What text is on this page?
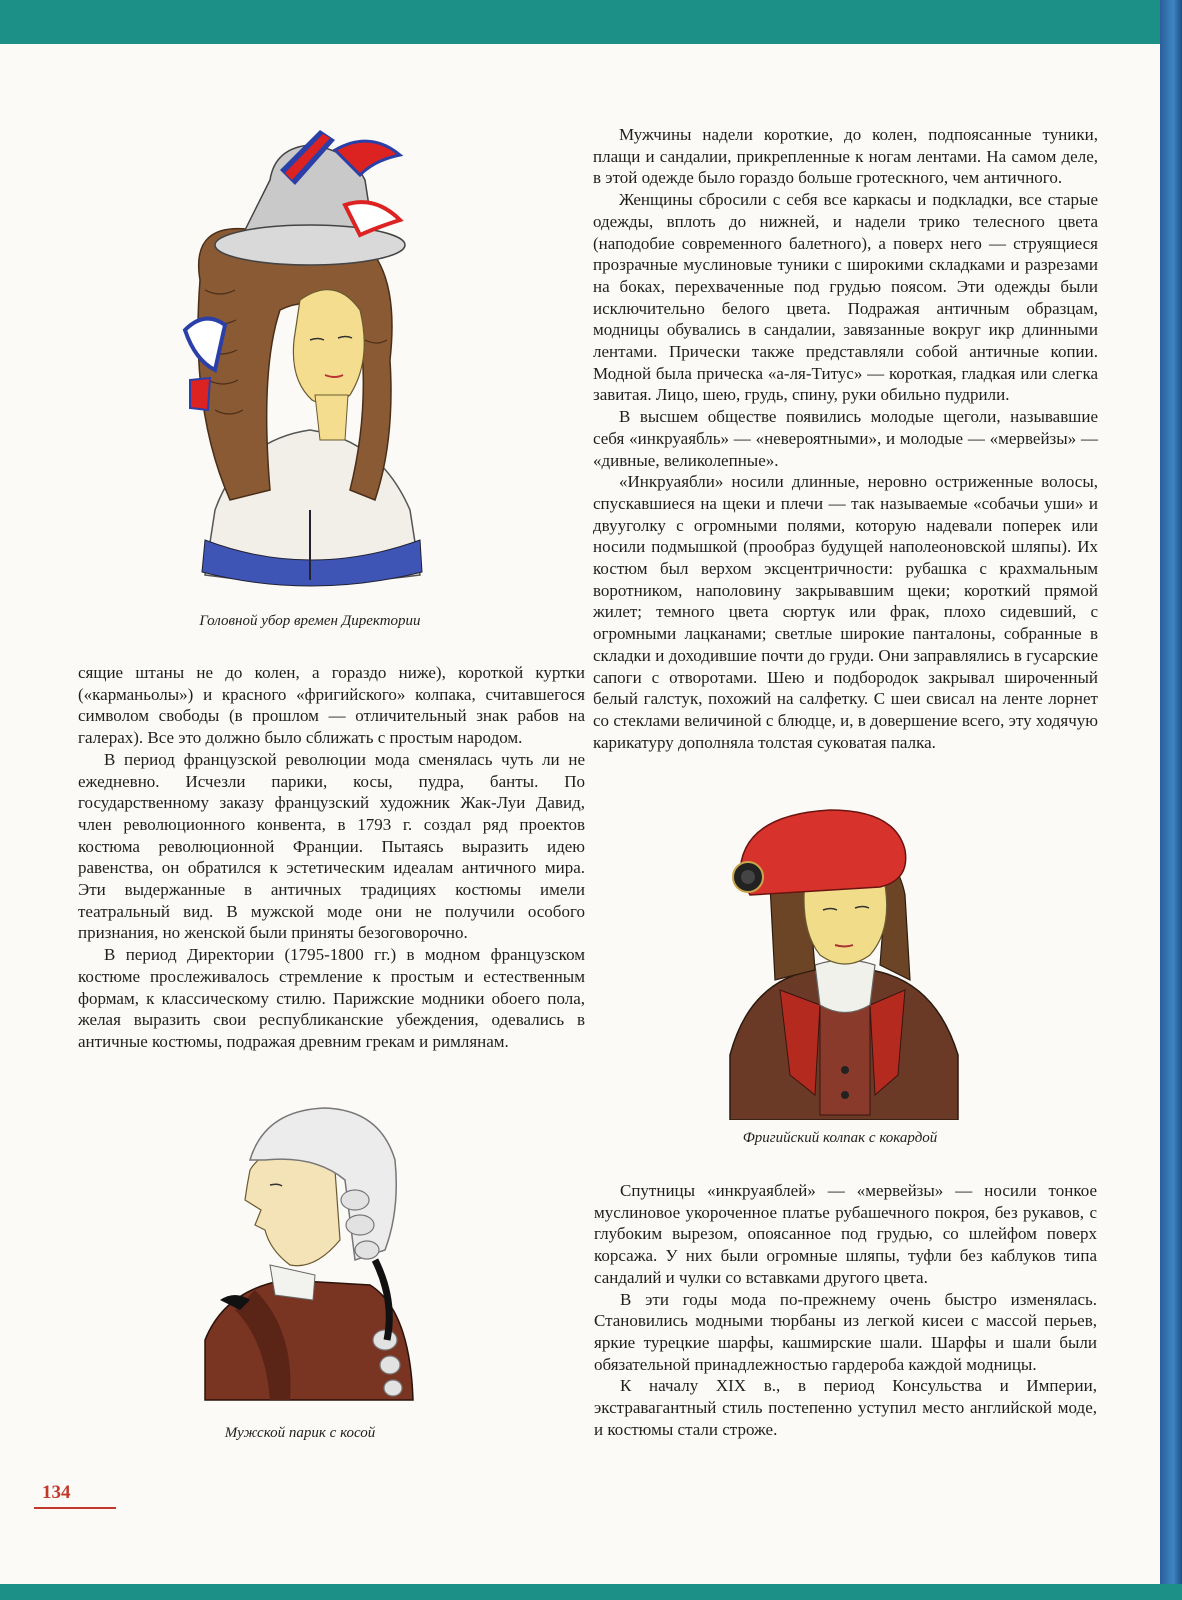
Головной убор времен Директории

Мужчины надели короткие, до колен, подпоясанные туники, плащи и сандалии, прикрепленные к ногам лентами. На самом деле, в этой одежде было гораздо больше гротескного, чем античного.

Женщины сбросили с себя все каркасы и подкладки, все старые одежды, вплоть до нижней, и надели трико телесного цвета (наподобие современного балетного), а поверх него — струящиеся прозрачные муслиновые туники с широкими складками и разрезами на боках, перехваченные под грудью поясом. Эти одежды были исключительно белого цвета. Подражая античным образцам, модницы обувались в сандалии, завязанные вокруг икр длинными лентами. Прически также представляли собой античные копии. Модной была прическа «а-ля-Титус» — короткая, гладкая или слегка завитая. Лицо, шею, грудь, спину, руки обильно пудрили.

В высшем обществе появились молодые щеголи, называвшие себя «инкруаябль» — «невероятными», и молодые — «мервейзы» — «дивные, великолепные».

«Инкруаябли» носили длинные, неровно остриженные волосы, спускавшиеся на щеки и плечи — так называемые «собачьи уши» и двууголку с огромными полями, которую надевали поперек или носили подмышкой (прообраз будущей наполеоновской шляпы). Их костюм был верхом эксцентричности: рубашка с крахмальным воротником, наполовину закрывавшим щеки; короткий прямой жилет; темного цвета сюртук или фрак, плохо сидевший, с огромными лацканами; светлые широкие панталоны, собранные в складки и доходившие почти до груди. Они заправлялись в гусарские сапоги с отворотами. Шею и подбородок закрывал широченный белый галстук, похожий на салфетку. С шеи свисал на ленте лорнет со стеклами величиной с блюдце, и, в довершение всего, эту ходячую карикатуру дополняла толстая суковатая палка.

сящие штаны не до колен, а гораздо ниже), короткой куртки («карманьолы») и красного «фригийского» колпака, считавшегося символом свободы (в прошлом — отличительный знак рабов на галерах). Все это должно было сближать с простым народом.

В период французской революции мода сменялась чуть ли не ежедневно. Исчезли парики, косы, пудра, банты. По государственному заказу французский художник Жак-Луи Давид, член революционного конвента, в 1793 г. создал ряд проектов костюма революционной Франции. Пытаясь выразить идею равенства, он обратился к эстетическим идеалам античного мира. Эти выдержанные в античных традициях костюмы имели театральный вид. В мужской моде они не получили особого признания, но женской были приняты безоговорочно.

В период Директории (1795-1800 гг.) в модном французском костюме прослеживалось стремление к простым и естественным формам, к классическому стилю. Парижские модники обоего пола, желая выразить свои республиканские убеждения, одевались в античные костюмы, подражая древним грекам и римлянам.

Фригийский колпак с кокардой

Спутницы «инкруаяблей» — «мервейзы» — носили тонкое муслиновое укороченное платье рубашечного покроя, без рукавов, с глубоким вырезом, опоясанное под грудью, со шлейфом поверх корсажа. У них были огромные шляпы, туфли без каблуков типа сандалий и чулки со вставками другого цвета.

В эти годы мода по-прежнему очень быстро изменялась. Становились модными тюрбаны из легкой кисеи с массой перьев, яркие турецкие шарфы, кашмирские шали. Шарфы и шали были обязательной принадлежностью гардероба каждой модницы.

К началу XIX в., в период Консульства и Империи, экстравагантный стиль постепенно уступил место английской моде, и костюмы стали строже.

Мужской парик с косой
134
